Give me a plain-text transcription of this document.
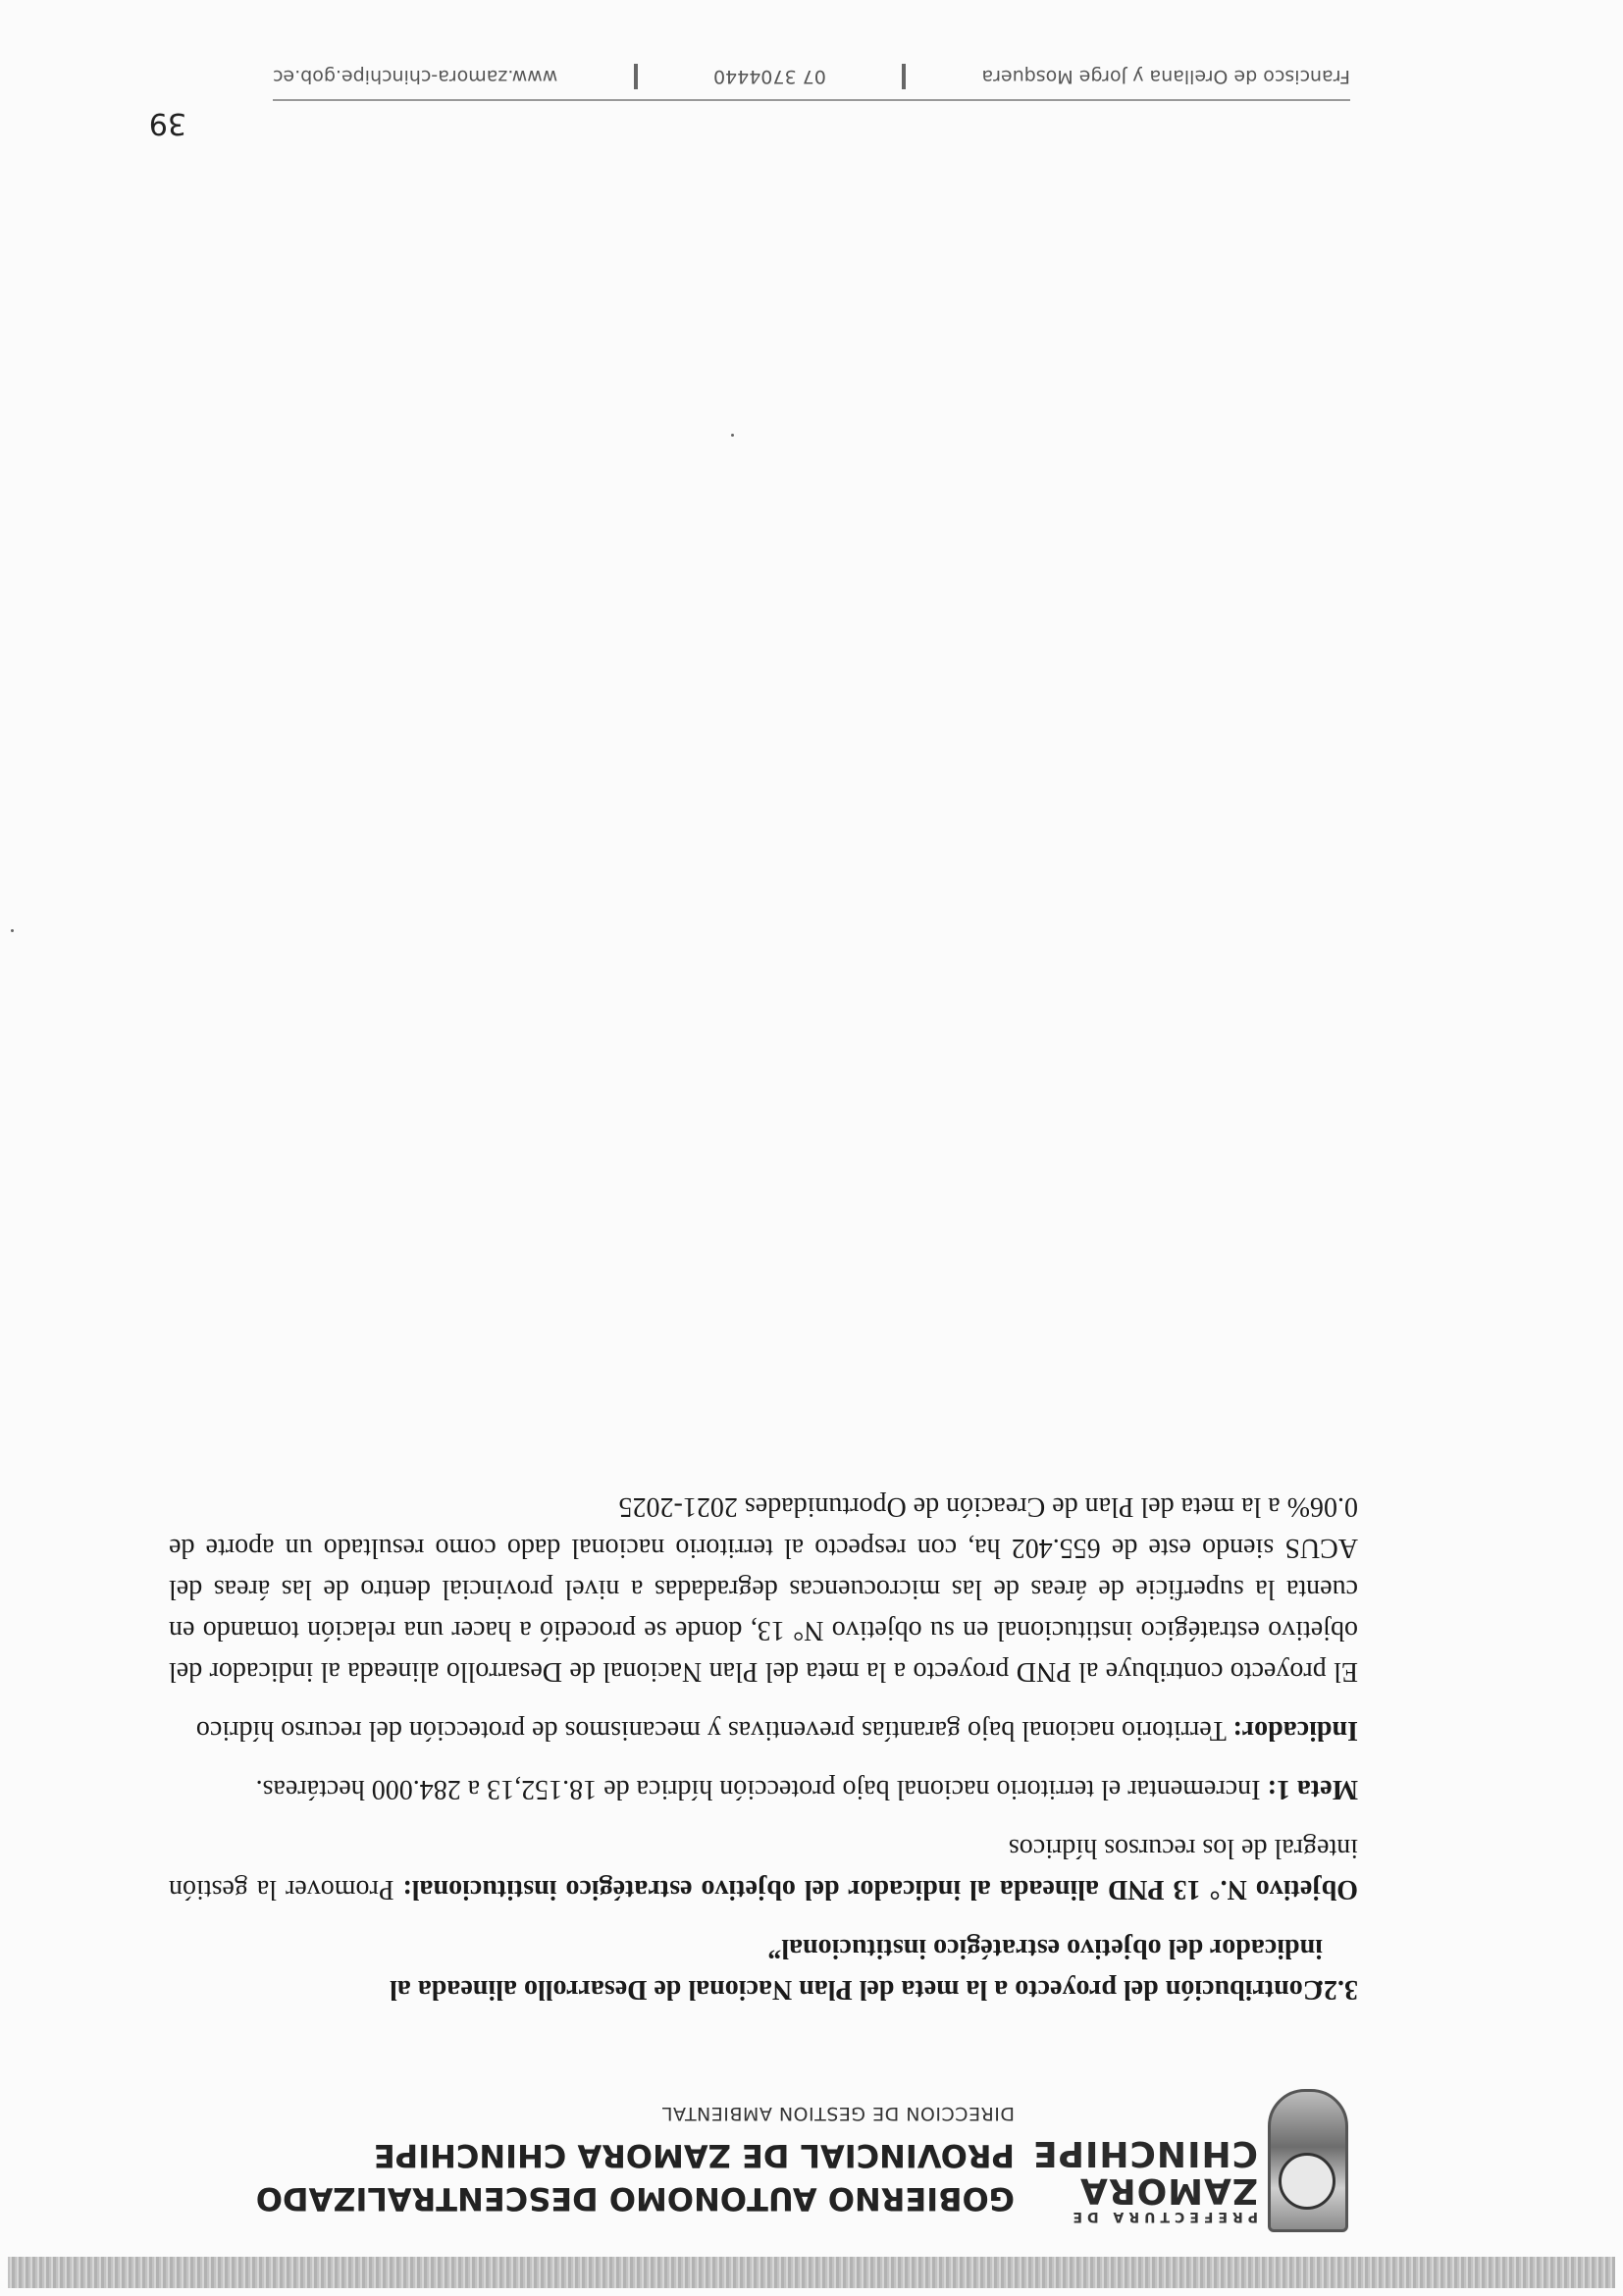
PREFECTURA DE
ZAMORA
CHINCHIPE
GOBIERNO AUTONOMO DESCENTRALIZADO
PROVINCIAL DE ZAMORA CHINCHIPE
DIRECCION DE GESTION AMBIENTAL

3.2.Contribución del proyecto a la meta del Plan Nacional de Desarrollo alineada al
indicador del objetivo estratégico institucional”

Objetivo N.° 13 PND alineada al indicador del objetivo estratégico institucional: Promover la gestión integral de los recursos hídricos

Meta 1: Incrementar el territorio nacional bajo protección hídrica de 18.152,13 a 284.000 hectáreas.

Indicador: Territorio nacional bajo garantías preventivas y mecanismos de protección del recurso hídrico

El proyecto contribuye al PND proyecto a la meta del Plan Nacional de Desarrollo alineada al indicador del objetivo estratégico institucional en su objetivo N° 13, donde se procedió a hacer una relación tomando en cuenta la superficie de áreas de las microcuencas degradadas a nivel provincial dentro de las áreas del ACUS siendo este de 655.402 ha, con respecto al territorio nacional dado como resultado un aporte de 0.06% a la meta del Plan de Creación de Oportunidades 2021-2025

39
Francisco de Orellana y Jorge Mosquera
07 3704440
www.zamora-chinchipe.gob.ec
